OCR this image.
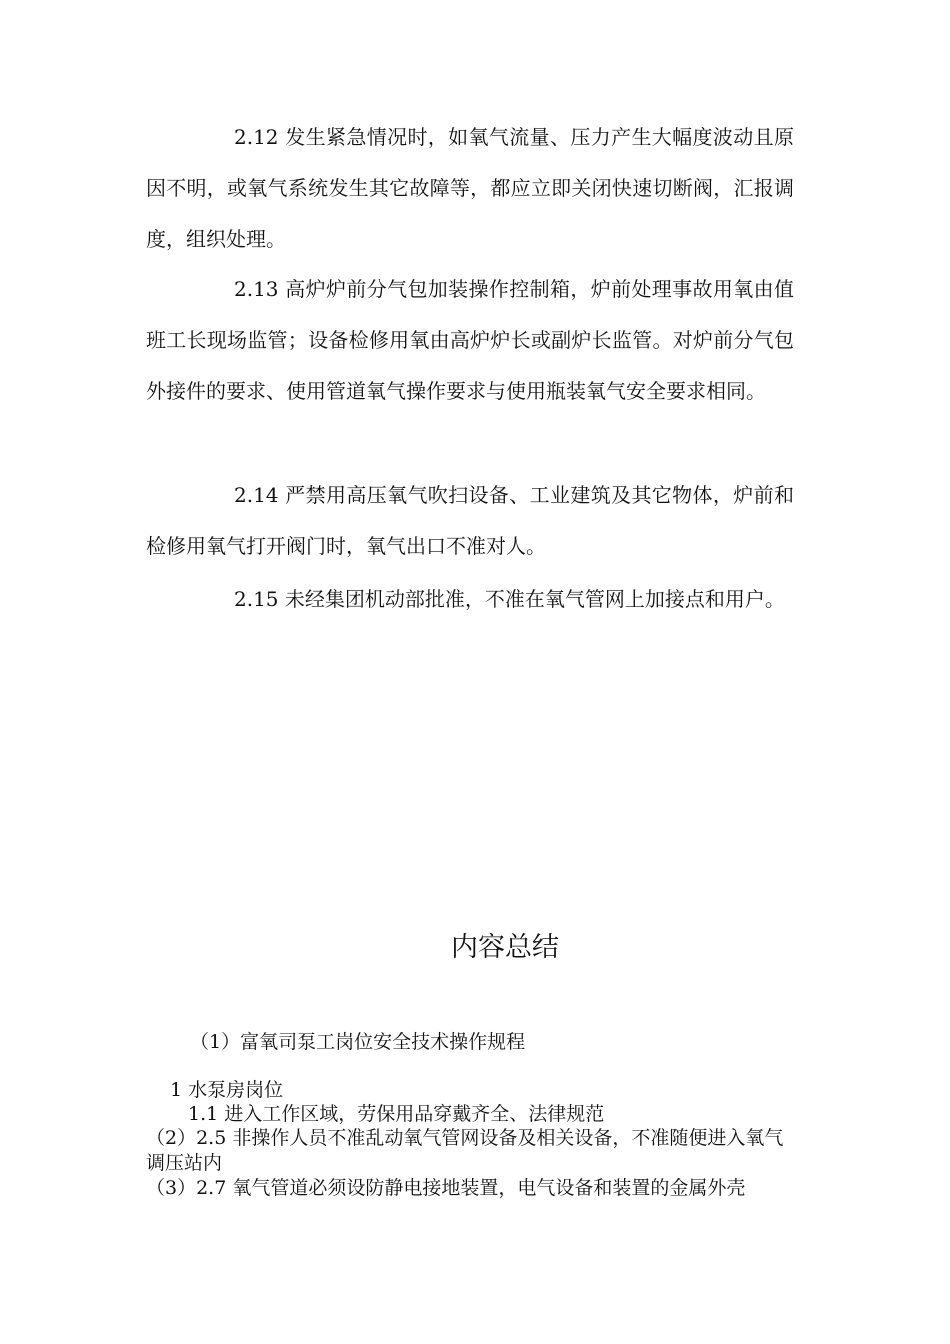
2.12 发生紧急情况时，如氧气流量、压力产生大幅度波动且原因不明，或氧气系统发生其它故障等，都应立即关闭快速切断阀，汇报调度，组织处理。

2.13 高炉炉前分气包加装操作控制箱，炉前处理事故用氧由值班工长现场监管；设备检修用氧由高炉炉长或副炉长监管。对炉前分气包外接件的要求、使用管道氧气操作要求与使用瓶装氧气安全要求相同。

2.14 严禁用高压氧气吹扫设备、工业建筑及其它物体，炉前和检修用氧气打开阀门时，氧气出口不准对人。

2.15 未经集团机动部批准，不准在氧气管网上加接点和用户。

内容总结

（1）富氧司泵工岗位安全技术操作规程

1 水泵房岗位

1.1 进入工作区域，劳保用品穿戴齐全、法律规范

（2）2.5 非操作人员不准乱动氧气管网设备及相关设备，不准随便进入氧气调压站内

（3）2.7 氧气管道必须设防静电接地装置，电气设备和装置的金属外壳
